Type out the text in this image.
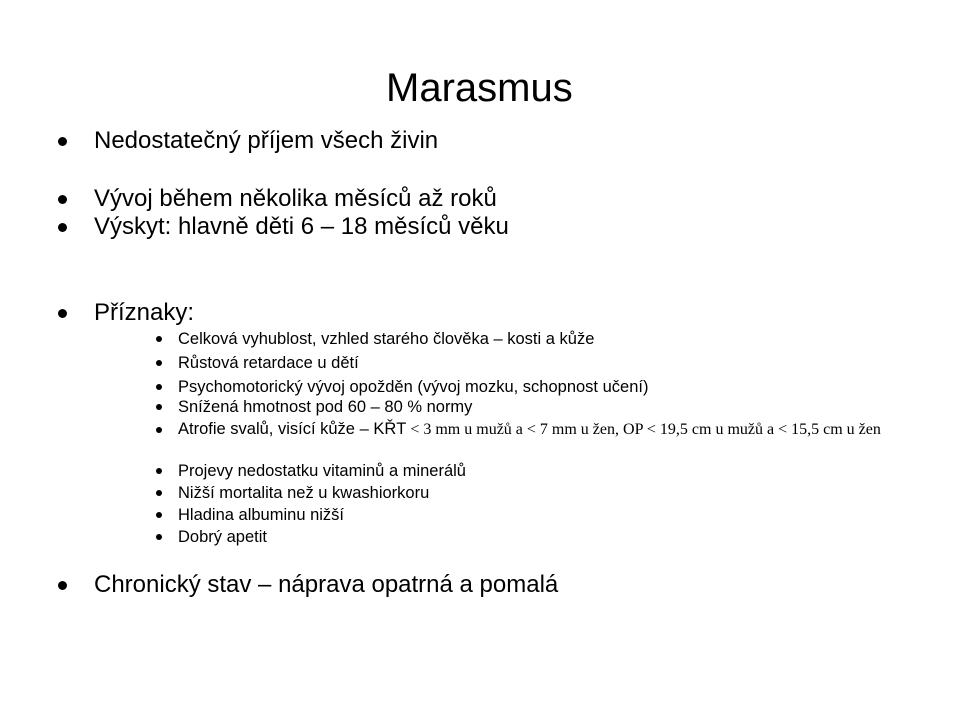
Marasmus
Nedostatečný příjem všech živin
Vývoj během několika měsíců až roků
Výskyt: hlavně děti 6 – 18 měsíců věku
Příznaky:
Celková vyhublost, vzhled starého člověka – kosti a kůže
Růstová retardace u dětí
Psychomotorický vývoj opožděn (vývoj mozku, schopnost učení)
Snížená hmotnost pod 60 – 80 % normy
Atrofie svalů, visící kůže – KŘT < 3 mm u mužů a < 7 mm u žen, OP < 19,5 cm u mužů a < 15,5 cm u žen
Projevy nedostatku vitaminů a minerálů
Nižší mortalita než u kwashiorkoru
Hladina albuminu nižší
Dobrý apetit
Chronický stav – náprava opatrná a pomalá
